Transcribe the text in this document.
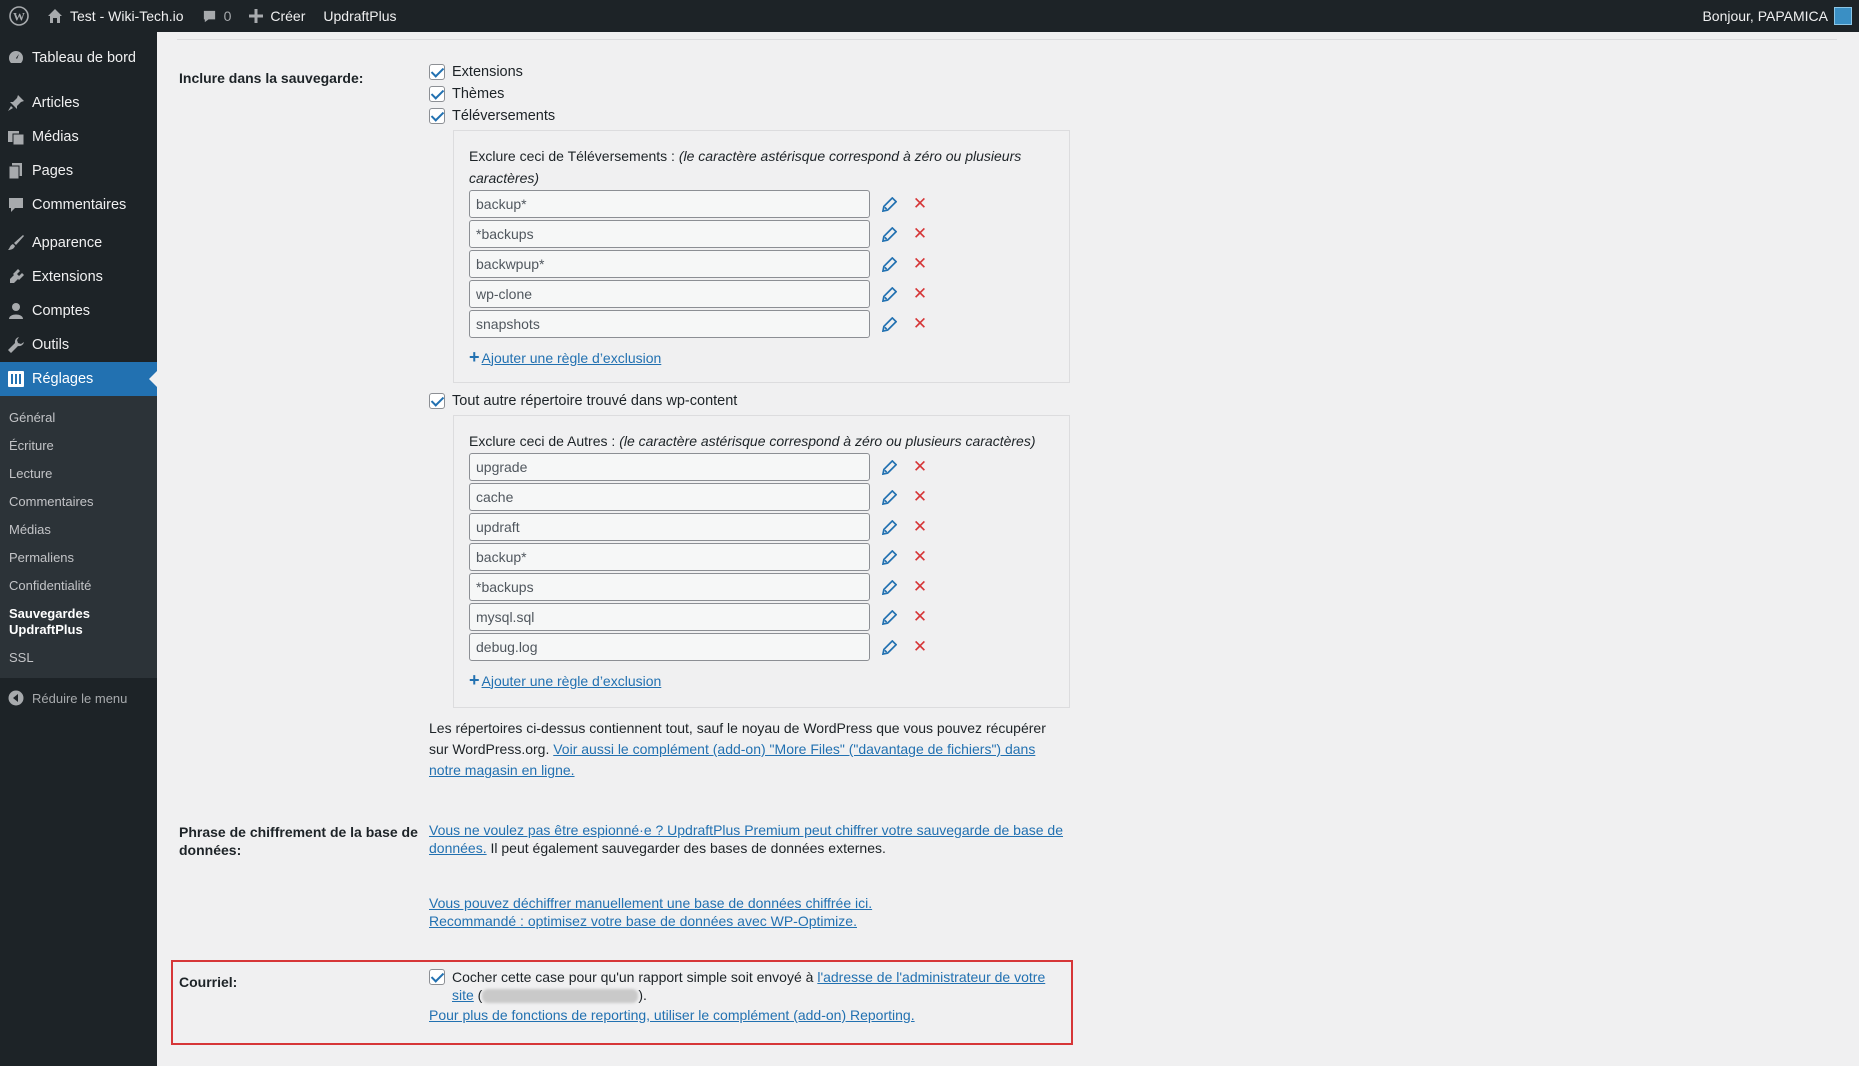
W	Test - Wiki-Tech.io	0	Créer UpdraftPlus	Bonjour, PAPAMICA
Tableau de bord
Articles
Médias
Pages
Commentaires
Apparence
Extensions
Comptes
Outils
Réglages
Général
Écriture
Lecture
Commentaires
Médias
Permaliens
Confidentialité
Sauvegardes UpdraftPlus
SSL
Réduire le menu
Inclure dans la sauvegarde:	Extensions
Thèmes
Téléversements
Exclure ceci de Téléversements : (le caractère astérisque correspond à zéro ou plusieurs caractères)
backup*	✕
*backups	✕
backwpup*	✕
wp-clone	✕
snapshots	✕
+ Ajouter une règle d’exclusion
Tout autre répertoire trouvé dans wp-content
Exclure ceci de Autres : (le caractère astérisque correspond à zéro ou plusieurs caractères)
upgrade	✕
cache	✕
updraft	✕
backup*	✕
*backups	✕
mysql.sql	✕
debug.log	✕
+ Ajouter une règle d’exclusion
Les répertoires ci-dessus contiennent tout, sauf le noyau de WordPress que vous pouvez récupérer sur WordPress.org. Voir aussi le complément (add-on) "More Files" ("davantage de fichiers") dans notre magasin en ligne.
Phrase de chiffrement de la base de données:
Vous ne voulez pas être espionné·e ? UpdraftPlus Premium peut chiffrer votre sauvegarde de base de données. Il peut également sauvegarder des bases de données externes.
Vous pouvez déchiffrer manuellement une base de données chiffrée ici.
Recommandé : optimisez votre base de données avec WP-Optimize.
Courriel:	Cocher cette case pour qu'un rapport simple soit envoyé à l'adresse de l'administrateur de votre site (	).
Pour plus de fonctions de reporting, utiliser le complément (add-on) Reporting.
